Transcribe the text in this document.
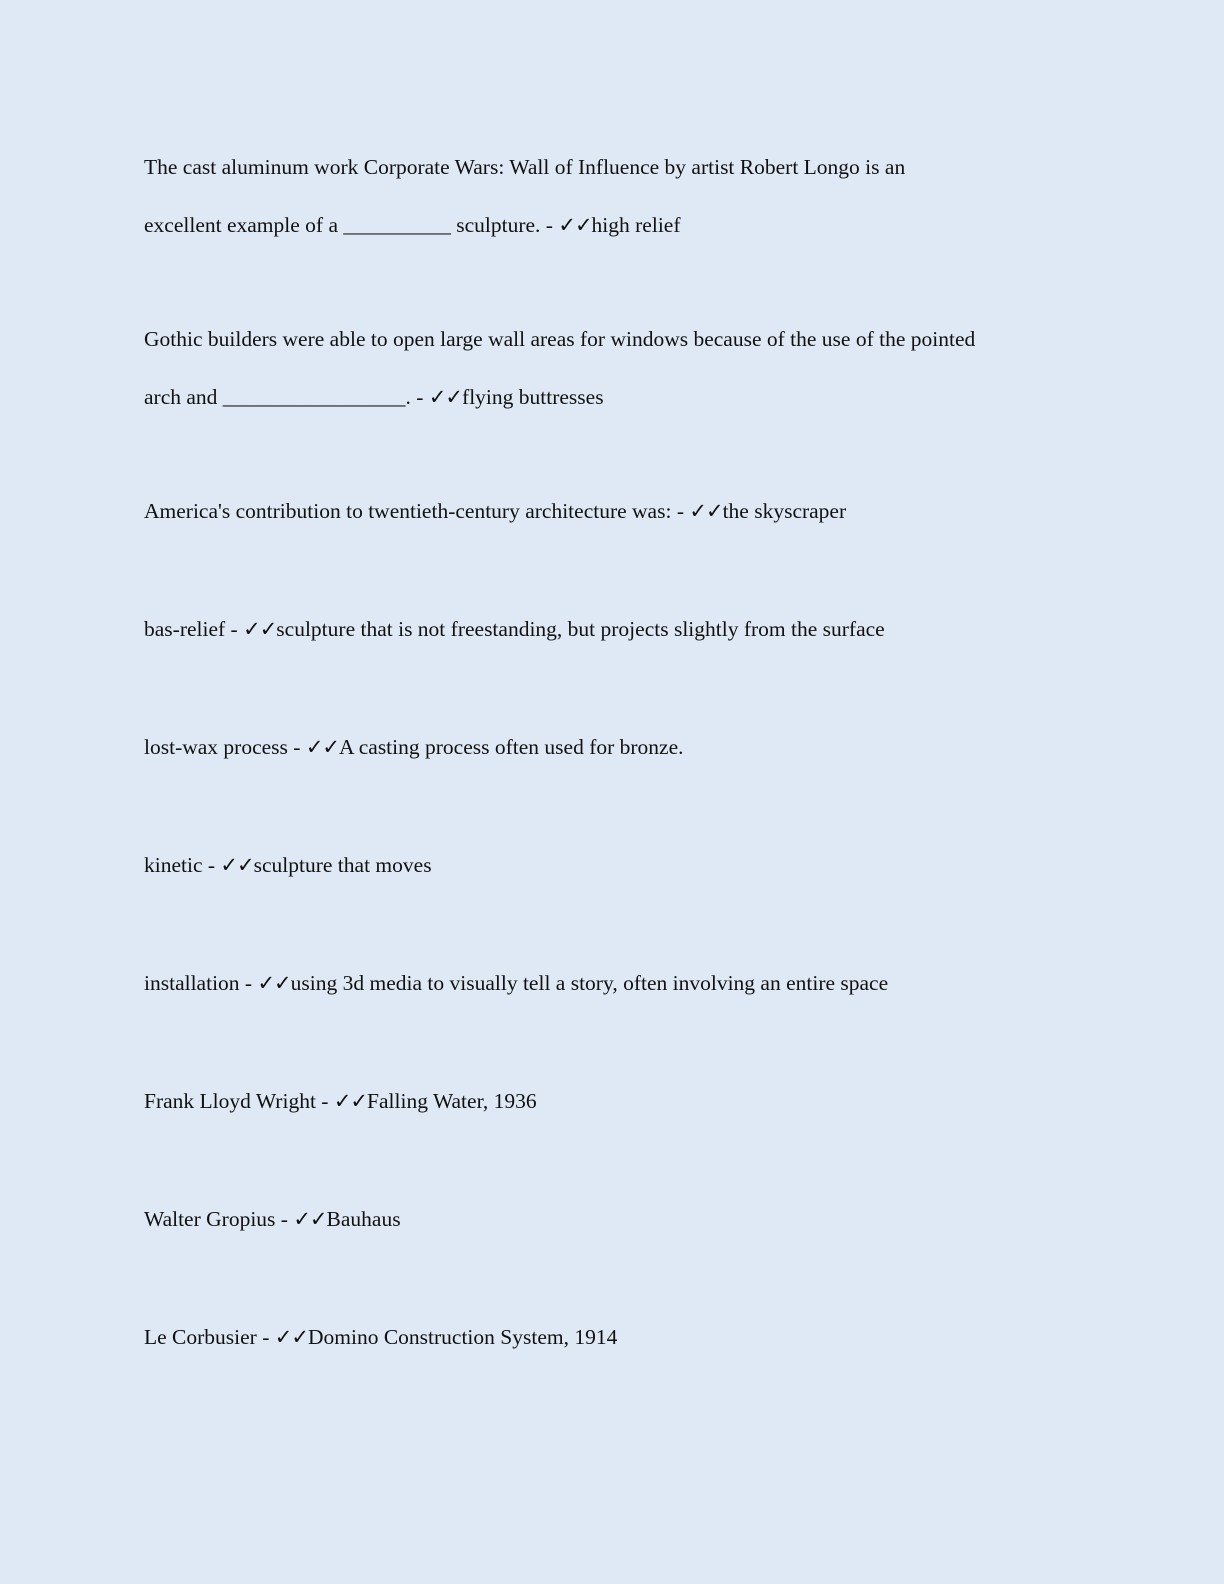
The cast aluminum work Corporate Wars: Wall of Influence by artist Robert Longo is an
excellent example of a __________ sculpture. - ✓✓high relief
Gothic builders were able to open large wall areas for windows because of the use of the pointed
arch and _________________. - ✓✓flying buttresses
America's contribution to twentieth-century architecture was: - ✓✓the skyscraper
bas-relief - ✓✓sculpture that is not freestanding, but projects slightly from the surface
lost-wax process - ✓✓A casting process often used for bronze.
kinetic - ✓✓sculpture that moves
installation - ✓✓using 3d media to visually tell a story, often involving an entire space
Frank Lloyd Wright - ✓✓Falling Water, 1936
Walter Gropius - ✓✓Bauhaus
Le Corbusier - ✓✓Domino Construction System, 1914
